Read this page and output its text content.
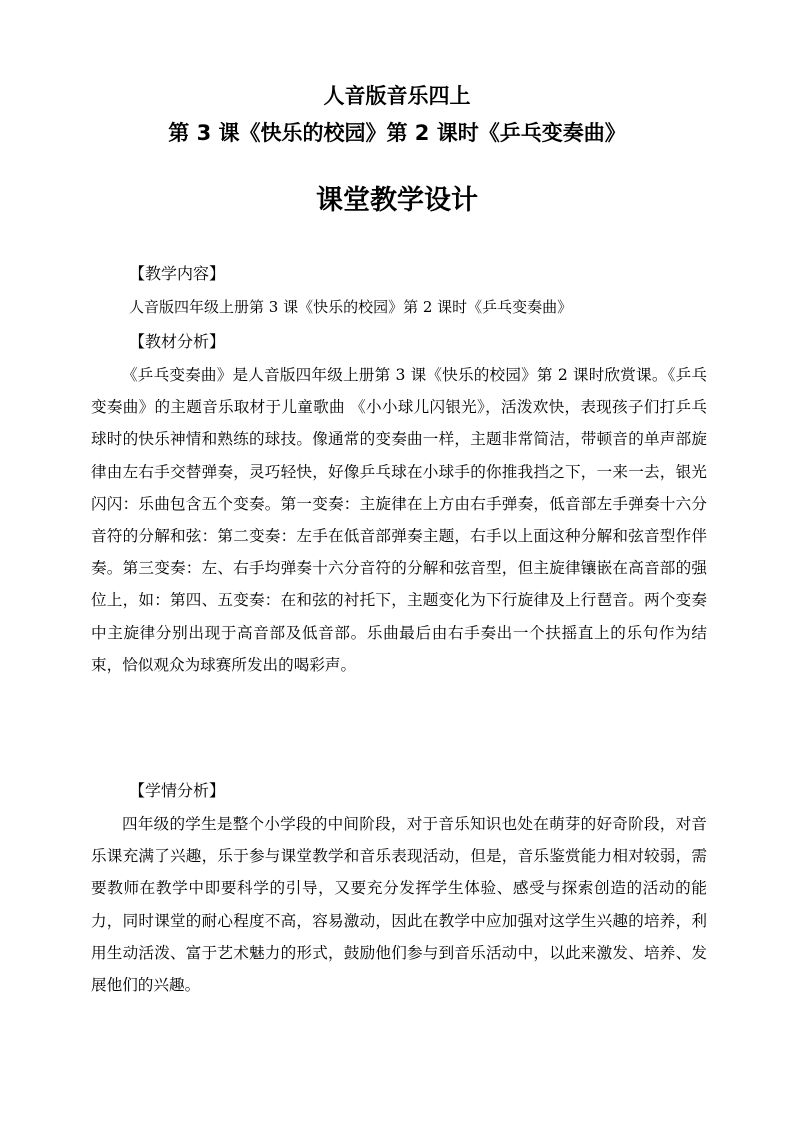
人音版音乐四上
第 3 课《快乐的校园》第 2 课时《乒乓变奏曲》
课堂教学设计
【教学内容】
人音版四年级上册第 3 课《快乐的校园》第 2 课时《乒乓变奏曲》
【教材分析】

《乒乓变奏曲》是人音版四年级上册第 3 课《快乐的校园》第 2 课时欣赏课。《乒乓变奏曲》的主题音乐取材于儿童歌曲 《小小球儿闪银光》，活泼欢快，表现孩子们打乒乓球时的快乐神情和熟练的球技。像通常的变奏曲一样，主题非常简洁，带顿音的单声部旋律由左右手交替弹奏，灵巧轻快，好像乒乓球在小球手的你推我挡之下，一来一去，银光闪闪：乐曲包含五个变奏。第一变奏：主旋律在上方由右手弹奏，低音部左手弹奏十六分音符的分解和弦：第二变奏：左手在低音部弹奏主题，右手以上面这种分解和弦音型作伴奏。第三变奏：左、右手均弹奏十六分音符的分解和弦音型，但主旋律镶嵌在高音部的强位上，如：第四、五变奏：在和弦的衬托下，主题变化为下行旋律及上行琶音。两个变奏中主旋律分别出现于高音部及低音部。乐曲最后由右手奏出一个扶摇直上的乐句作为结束，恰似观众为球赛所发出的喝彩声。

【学情分析】

四年级的学生是整个小学段的中间阶段，对于音乐知识也处在萌芽的好奇阶段，对音乐课充满了兴趣，乐于参与课堂教学和音乐表现活动，但是，音乐鉴赏能力相对较弱，需要教师在教学中即要科学的引导，又要充分发挥学生体验、感受与探索创造的活动的能力，同时课堂的耐心程度不高，容易激动，因此在教学中应加强对这学生兴趣的培养，利用生动活泼、富于艺术魅力的形式，鼓励他们参与到音乐活动中，以此来激发、培养、发展他们的兴趣。
